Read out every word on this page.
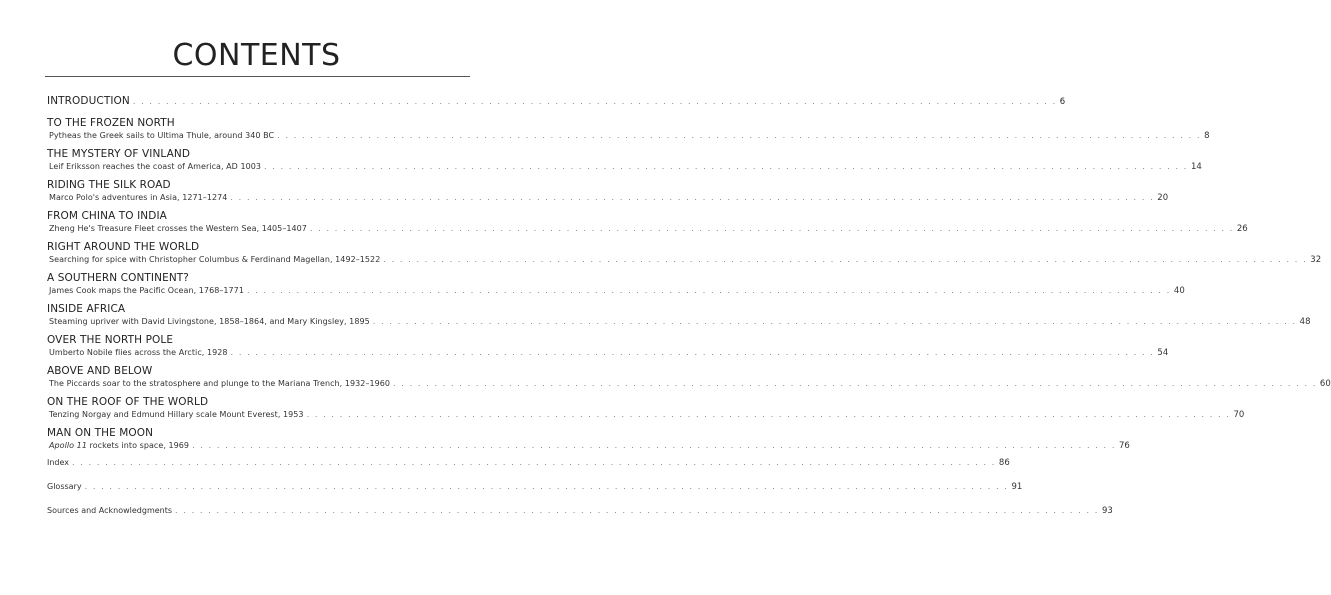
CONTENTS
INTRODUCTION . . . . . . . . . . . . . . . . . . . . . . . . . . . . . . . . . . . . . . . . . . . . . . . . . . . . . . . . . . . . . . . . . . . . . . . . . . . . . . . . . . . . . . . . . . . . . . . . . . . . . . . . . . . . . . . . 6
TO THE FROZEN NORTH
Pytheas the Greek sails to Ultima Thule, around 340 BC . . . . . . . . . . . . . . . . . . . . . . . . . . . . . . . . . . . . . . . . . . . . . . . . . . . . . . . . . . . . . . . . . . . . . . . . . . . . . . . . . . . . . . . . . . . . . . . . . . . . . . . . . . . . . . . . 8
THE MYSTERY OF VINLAND
Leif Eriksson reaches the coast of America, AD 1003 . . . . . . . . . . . . . . . . . . . . . . . . . . . . . . . . . . . . . . . . . . . . . . . . . . . . . . . . . . . . . . . . . . . . . . . . . . . . . . . . . . . . . . . . . . . . . . . . . . . . . . . . . . . . . . . . 14
RIDING THE SILK ROAD
Marco Polo's adventures in Asia, 1271–1274 . . . . . . . . . . . . . . . . . . . . . . . . . . . . . . . . . . . . . . . . . . . . . . . . . . . . . . . . . . . . . . . . . . . . . . . . . . . . . . . . . . . . . . . . . . . . . . . . . . . . . . . . . . . . . . . . 20
FROM CHINA TO INDIA
Zheng He's Treasure Fleet crosses the Western Sea, 1405–1407 . . . . . . . . . . . . . . . . . . . . . . . . . . . . . . . . . . . . . . . . . . . . . . . . . . . . . . . . . . . . . . . . . . . . . . . . . . . . . . . . . . . . . . . . . . . . . . . . . . . . . . . . . . . . . . . . 26
RIGHT AROUND THE WORLD
Searching for spice with Christopher Columbus & Ferdinand Magellan, 1492–1522 . . . . . . . . . . . . . . . . . . . . . . . . . . . . . . . . . . . . . . . . . . . . . . . . . . . . . . . . . . . . . . . . . . . . . . . . . . . . . . . . . . . . . . . . . . . . . . . . . . . . . . . . . . . . . . . . 32
A SOUTHERN CONTINENT?
James Cook maps the Pacific Ocean, 1768–1771 . . . . . . . . . . . . . . . . . . . . . . . . . . . . . . . . . . . . . . . . . . . . . . . . . . . . . . . . . . . . . . . . . . . . . . . . . . . . . . . . . . . . . . . . . . . . . . . . . . . . . . . . . . . . . . . . 40
INSIDE AFRICA
Steaming upriver with David Livingstone, 1858–1864, and Mary Kingsley, 1895 . . . . . . . . . . . . . . . . . . . . . . . . . . . . . . . . . . . . . . . . . . . . . . . . . . . . . . . . . . . . . . . . . . . . . . . . . . . . . . . . . . . . . . . . . . . . . . . . . . . . . . . . . . . . . . . . 48
OVER THE NORTH POLE
Umberto Nobile flies across the Arctic, 1928 . . . . . . . . . . . . . . . . . . . . . . . . . . . . . . . . . . . . . . . . . . . . . . . . . . . . . . . . . . . . . . . . . . . . . . . . . . . . . . . . . . . . . . . . . . . . . . . . . . . . . . . . . . . . . . . . 54
ABOVE AND BELOW
The Piccards soar to the stratosphere and plunge to the Mariana Trench, 1932–1960 . . . . . . . . . . . . . . . . . . . . . . . . . . . . . . . . . . . . . . . . . . . . . . . . . . . . . . . . . . . . . . . . . . . . . . . . . . . . . . . . . . . . . . . . . . . . . . . . . . . . . . . . . . . . . . . . 60
ON THE ROOF OF THE WORLD
Tenzing Norgay and Edmund Hillary scale Mount Everest, 1953 . . . . . . . . . . . . . . . . . . . . . . . . . . . . . . . . . . . . . . . . . . . . . . . . . . . . . . . . . . . . . . . . . . . . . . . . . . . . . . . . . . . . . . . . . . . . . . . . . . . . . . . . . . . . . . . . 70
MAN ON THE MOON
Apollo 11 rockets into space, 1969 . . . . . . . . . . . . . . . . . . . . . . . . . . . . . . . . . . . . . . . . . . . . . . . . . . . . . . . . . . . . . . . . . . . . . . . . . . . . . . . . . . . . . . . . . . . . . . . . . . . . . . . . . . . . . . . . 76
Index . . . . . . . . . . . . . . . . . . . . . . . . . . . . . . . . . . . . . . . . . . . . . . . . . . . . . . . . . . . . . . . . . . . . . . . . . . . . . . . . . . . . . . . . . . . . . . . . . . . . . . . . . . . . . . . . 86
Glossary . . . . . . . . . . . . . . . . . . . . . . . . . . . . . . . . . . . . . . . . . . . . . . . . . . . . . . . . . . . . . . . . . . . . . . . . . . . . . . . . . . . . . . . . . . . . . . . . . . . . . . . . . . . . . . . . 91
Sources and Acknowledgments . . . . . . . . . . . . . . . . . . . . . . . . . . . . . . . . . . . . . . . . . . . . . . . . . . . . . . . . . . . . . . . . . . . . . . . . . . . . . . . . . . . . . . . . . . . . . . . . . . . . . . . . . . . . . . . . 93
